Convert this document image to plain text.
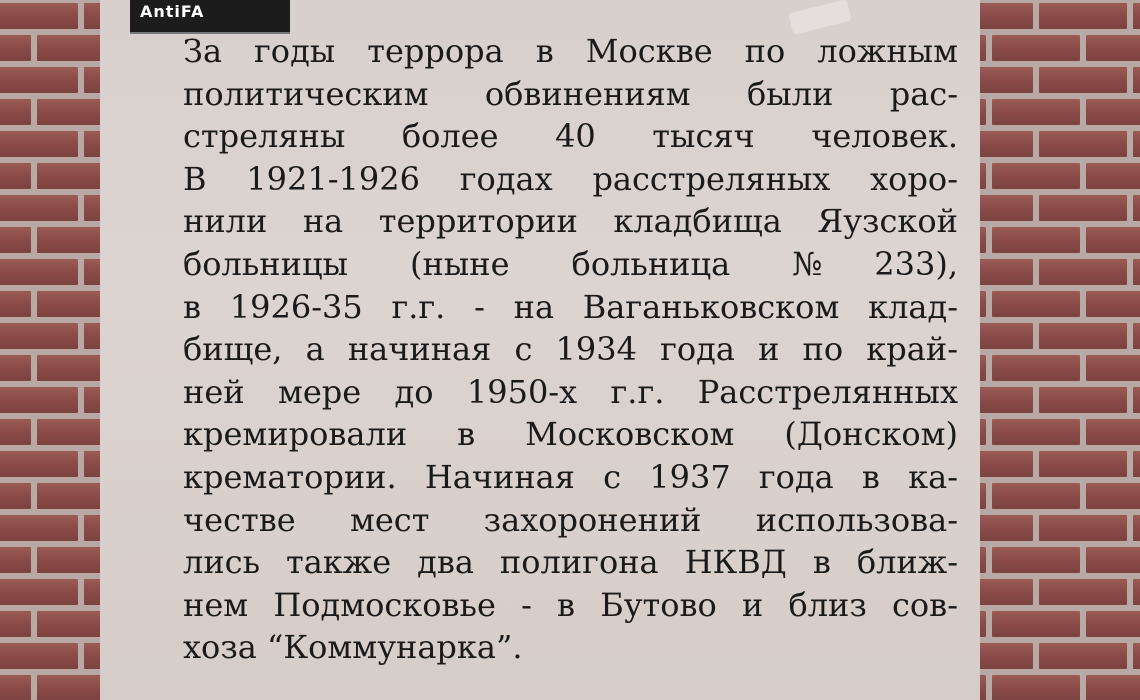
AntiFA
За годы террора в Москве по ложным
политическим обвинениям были рас-
стреляны более 40 тысяч человек.
В 1921-1926 годах расстреляных хоро-
нили на территории кладбища Яузской
больницы (ныне больница №233),
в 1926-35 г.г. - на Ваганьковском клад-
бище, а начиная с 1934 года и по край-
ней мере до 1950-х г.г. Расстрелянных
кремировали в Московском (Донском)
крематории. Начиная с 1937 года в ка-
честве мест захоронений использова-
лись также два полигона НКВД в ближ-
нем Подмосковье - в Бутово и близ сов-
хоза “Коммунарка”.
